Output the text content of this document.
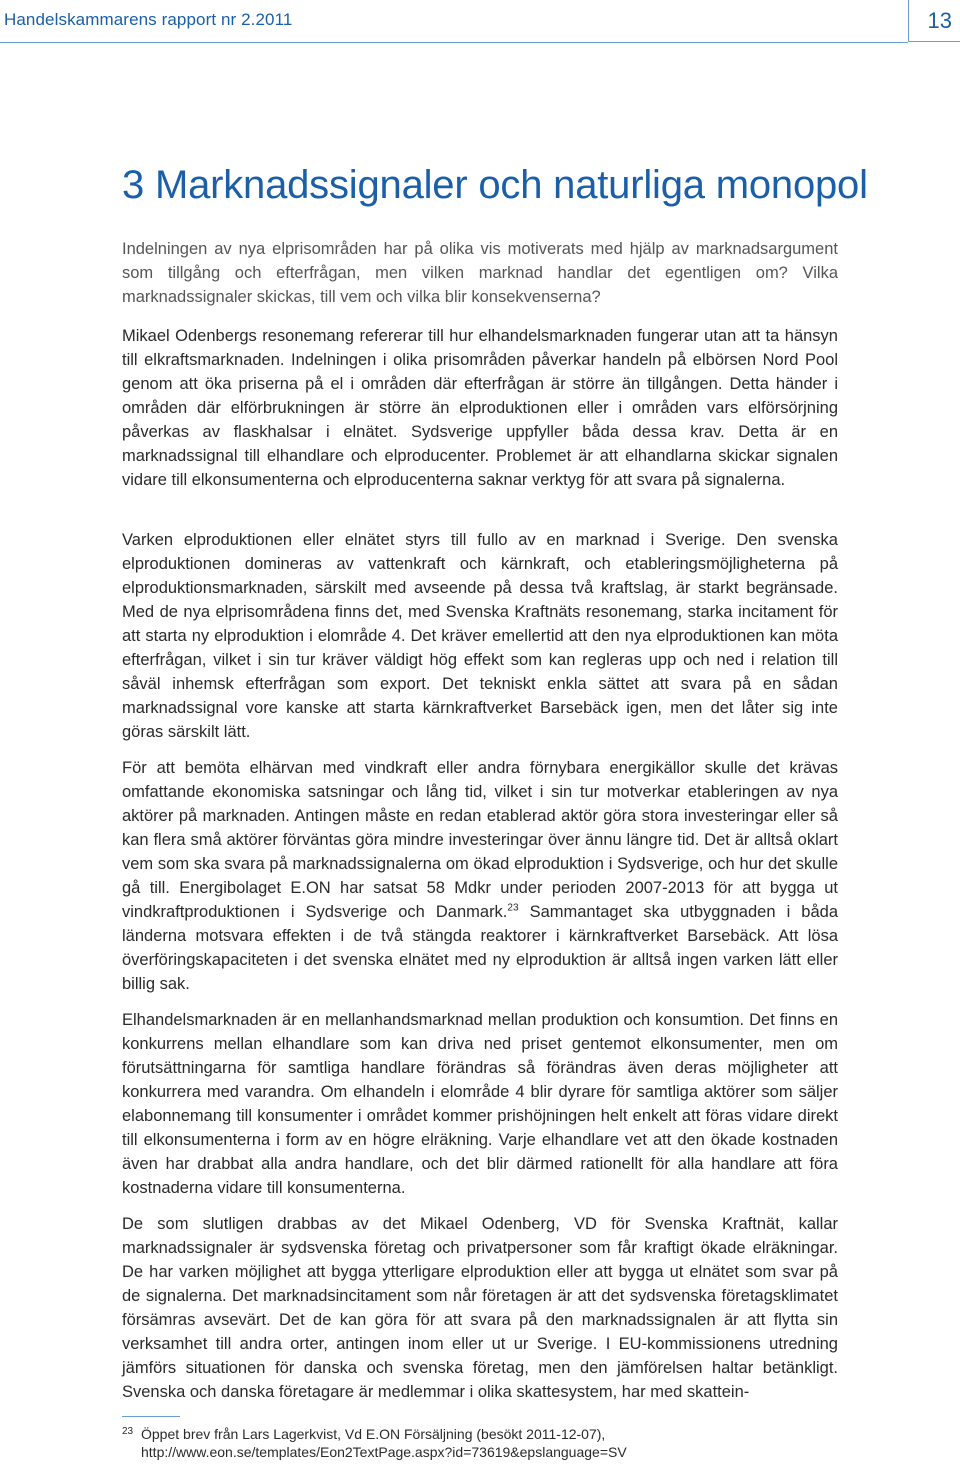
Handelskammarens rapport nr 2.2011	13
3 Marknadssignaler och naturliga monopol

Indelningen av nya elprisområden har på olika vis motiverats med hjälp av marknadsargument som tillgång och efterfrågan, men vilken marknad handlar det egentligen om? Vilka marknadssignaler skickas, till vem och vilka blir konsekvenserna?

Mikael Odenbergs resonemang refererar till hur elhandelsmarknaden fungerar utan att ta hänsyn till elkraftsmarknaden. Indelningen i olika prisområden påverkar handeln på elbörsen Nord Pool genom att öka priserna på el i områden där efterfrågan är större än tillgången. Detta händer i områden där elförbrukningen är större än elproduktionen eller i områden vars elförsörjning påverkas av flaskhalsar i elnätet. Sydsverige uppfyller båda dessa krav. Detta är en marknadssignal till elhandlare och elproducenter. Problemet är att elhandlarna skickar signalen vidare till elkonsumenterna och elproducenterna saknar verktyg för att svara på signalerna.

Varken elproduktionen eller elnätet styrs till fullo av en marknad i Sverige. Den svenska elproduktionen domineras av vattenkraft och kärnkraft, och etableringsmöjligheterna på elproduktionsmarknaden, särskilt med avseende på dessa två kraftslag, är starkt begränsade. Med de nya elprisområdena finns det, med Svenska Kraftnäts resonemang, starka incitament för att starta ny elproduktion i elområde 4. Det kräver emellertid att den nya elproduktionen kan möta efterfrågan, vilket i sin tur kräver väldigt hög effekt som kan regleras upp och ned i relation till såväl inhemsk efterfrågan som export. Det tekniskt enkla sättet att svara på en sådan marknadssignal vore kanske att starta kärnkraftverket Barsebäck igen, men det låter sig inte göras särskilt lätt.

För att bemöta elhärvan med vindkraft eller andra förnybara energikällor skulle det krävas omfattande ekonomiska satsningar och lång tid, vilket i sin tur motverkar etableringen av nya aktörer på marknaden. Antingen måste en redan etablerad aktör göra stora investeringar eller så kan flera små aktörer förväntas göra mindre investeringar över ännu längre tid. Det är alltså oklart vem som ska svara på marknadssignalerna om ökad elproduktion i Sydsverige, och hur det skulle gå till. Energibolaget E.ON har satsat 58 Mdkr under perioden 2007-2013 för att bygga ut vindkraftproduktionen i Sydsverige och Danmark.$^{23}$ Sammantaget ska utbyggnaden i båda länderna motsvara effekten i de två stängda reaktorer i kärnkraftverket Barsebäck. Att lösa överföringskapaciteten i det svenska elnätet med ny elproduktion är alltså ingen varken lätt eller billig sak.

Elhandelsmarknaden är en mellanhandsmarknad mellan produktion och konsumtion. Det finns en konkurrens mellan elhandlare som kan driva ned priset gentemot elkonsumenter, men om förutsättningarna för samtliga handlare förändras så förändras även deras möjligheter att konkurrera med varandra. Om elhandeln i elområde 4 blir dyrare för samtliga aktörer som säljer elabonnemang till konsumenter i området kommer prishöjningen helt enkelt att föras vidare direkt till elkonsumenterna i form av en högre elräkning. Varje elhandlare vet att den ökade kostnaden även har drabbat alla andra handlare, och det blir därmed rationellt för alla handlare att föra kostnaderna vidare till konsumenterna.

De som slutligen drabbas av det Mikael Odenberg, VD för Svenska Kraftnät, kallar marknadssignaler är sydsvenska företag och privatpersoner som får kraftigt ökade elräkningar. De har varken möjlighet att bygga ytterligare elproduktion eller att bygga ut elnätet som svar på de signalerna. Det marknadsincitament som når företagen är att det sydsvenska företagsklimatet försämras avsevärt. Det de kan göra för att svara på den marknadssignalen är att flytta sin verksamhet till andra orter, antingen inom eller ut ur Sverige. I EU-kommissionens utredning jämförs situationen för danska och svenska företag, men den jämförelsen haltar betänkligt. Svenska och danska företagare är medlemmar i olika skattesystem, har med skattein-

23 Öppet brev från Lars Lagerkvist, Vd E.ON Försäljning (besökt 2011-12-07), http://www.eon.se/templates/Eon2TextPage.aspx?id=73619&epslanguage=SV
